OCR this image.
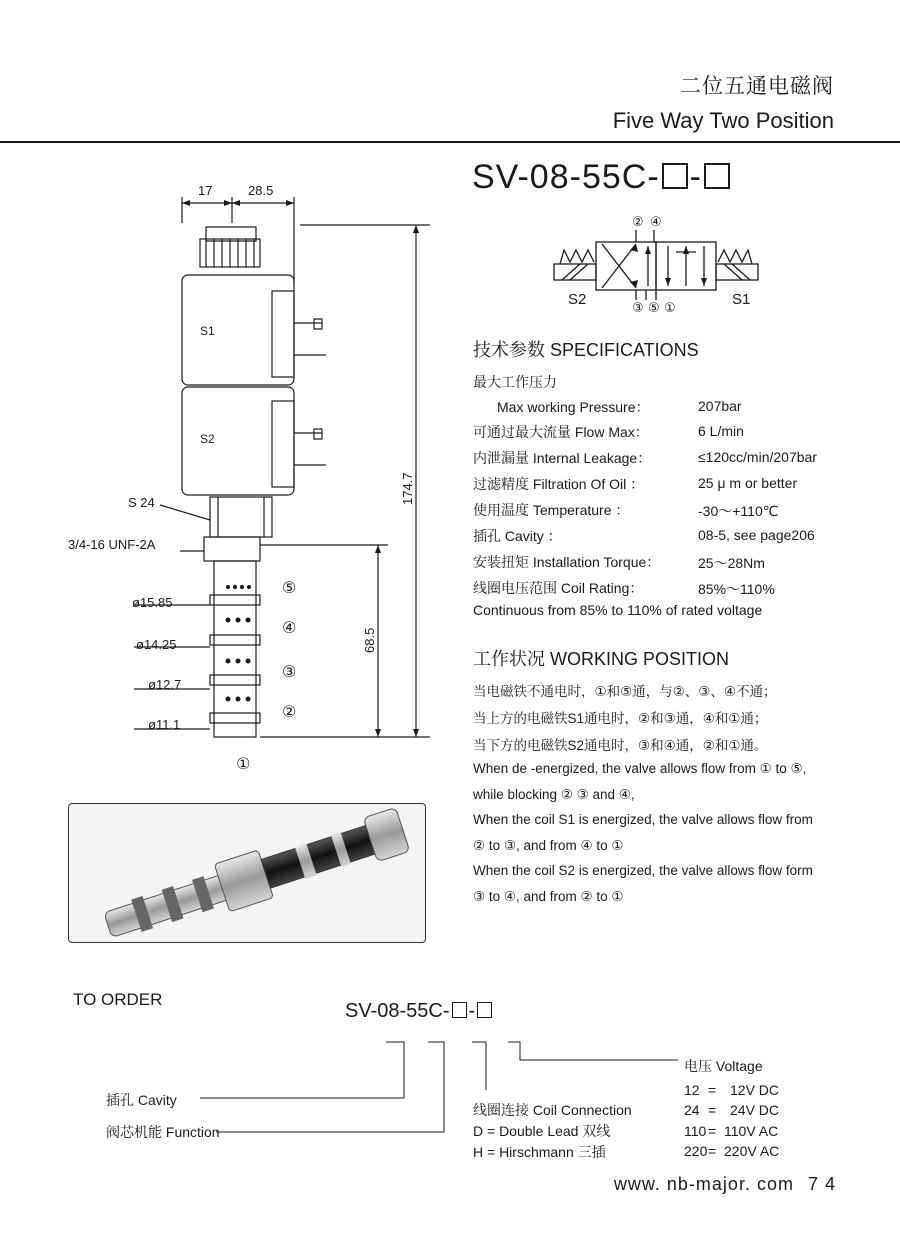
二位五通电磁阀
Five Way Two Position
SV-08-55C- -
② ④
③ ⑤ ①
S2	S1
17	28.5
S1
S2
S 24
3/4-16 UNF-2A
ø15.85
ø14.25
ø12.7
ø11.1
⑤
④
③
②
①
174.7
68.5
技术参数 SPECIFICATIONS
最大工作压力
Max working Pressure：	207bar
可通过最大流量 Flow Max：	6 L/min
内泄漏量 Internal Leakage：	≤120cc/min/207bar
过滤精度 Filtration Of Oil ：	25 μ m or better
使用温度 Temperature ：	-30～+110℃
插孔 Cavity ：	08-5, see page206
安装扭矩 Installation Torque：	25～28Nm
线圈电压范围 Coil Rating：	85%～110%
Continuous from 85% to 110% of rated voltage
工作状况 WORKING POSITION
当电磁铁不通电时，①和⑤通，与②、③、④不通；
当上方的电磁铁S1通电时，②和③通，④和①通；
当下方的电磁铁S2通电时，③和④通，②和①通。
When de -energized, the valve allows flow from ① to ⑤,
while blocking ② ③ and ④,
When the coil S1 is energized, the valve allows flow from
② to ③, and from ④ to ①
When the coil S2 is energized, the valve allows flow form
③ to ④, and from ② to ①
TO ORDER
SV-08-55C- -
插孔 Cavity
阀芯机能 Function
线圈连接 Coil Connection
D = Double Lead 双线
H = Hirschmann 三插
电压 Voltage
12 = 12V DC
24 = 24V DC
110 = 110V AC
220 = 220V AC
www. nb-major. com 7 4
